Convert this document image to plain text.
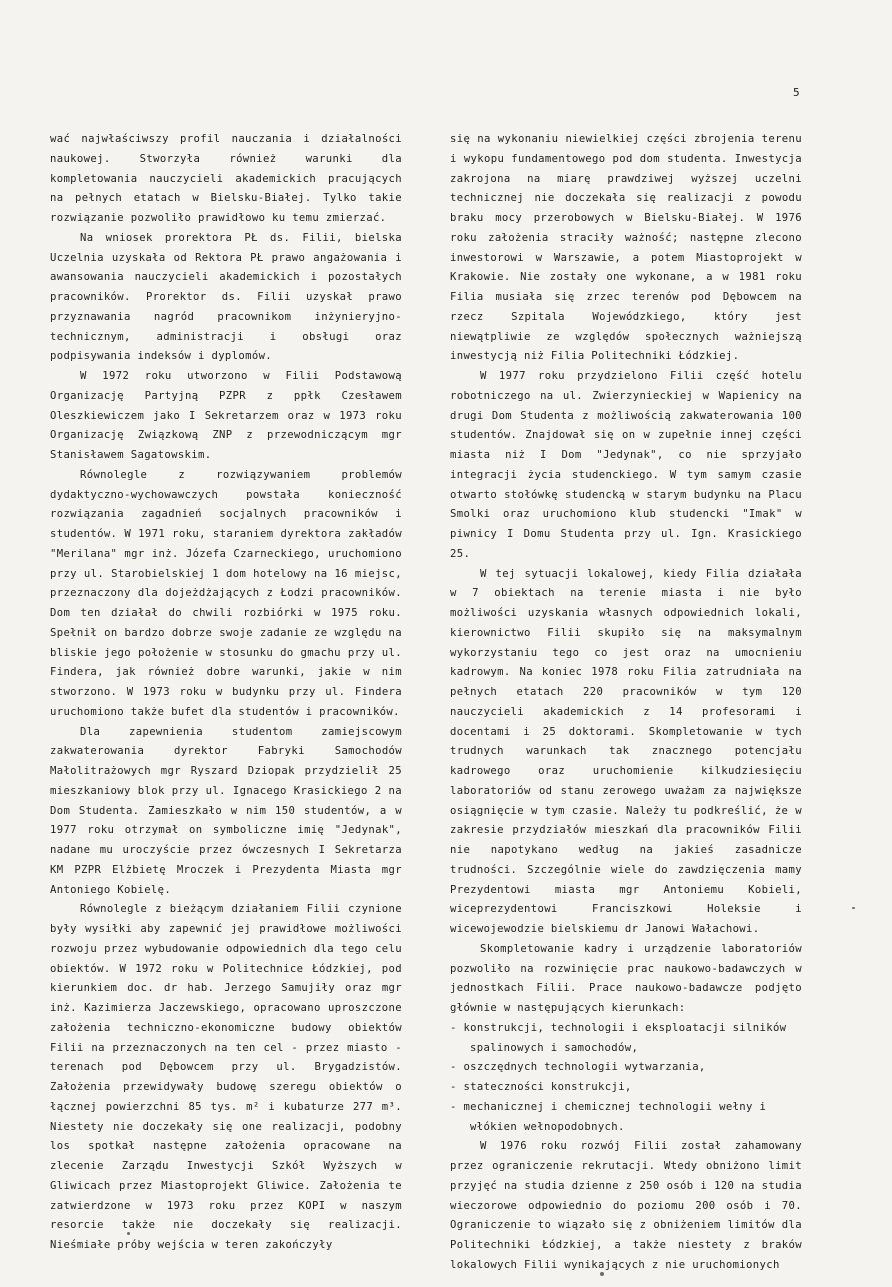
5

wać najwłaściwszy profil nauczania i działalności naukowej. Stworzyła również warunki dla kompletowania nauczycieli akademickich pracujących na pełnych etatach w Bielsku-Białej. Tylko takie rozwiązanie pozwoliło prawidłowo ku temu zmierzać.

Na wniosek prorektora PŁ ds. Filii, bielska Uczelnia uzyskała od Rektora PŁ prawo angażowania i awansowania nauczycieli akademickich i pozostałych pracowników. Prorektor ds. Filii uzyskał prawo przyznawania nagród pracownikom inżynieryjno-technicznym, administracji i obsługi oraz podpisywania indeksów i dyplomów.

W 1972 roku utworzono w Filii Podstawową Organizację Partyjną PZPR z ppłk Czesławem Oleszkiewiczem jako I Sekretarzem oraz w 1973 roku Organizację Związkową ZNP z przewodniczącym mgr Stanisławem Sagatowskim.

Równolegle z rozwiązywaniem problemów dydaktyczno-wychowawczych powstała konieczność rozwiązania zagadnień socjalnych pracowników i studentów. W 1971 roku, staraniem dyrektora zakładów "Merilana" mgr inż. Józefa Czarneckiego, uruchomiono przy ul. Starobielskiej 1 dom hotelowy na 16 miejsc, przeznaczony dla dojeżdżających z Łodzi pracowników. Dom ten działał do chwili rozbiórki w 1975 roku. Spełnił on bardzo dobrze swoje zadanie ze względu na bliskie jego położenie w stosunku do gmachu przy ul. Findera, jak również dobre warunki, jakie w nim stworzono. W 1973 roku w budynku przy ul. Findera uruchomiono także bufet dla studentów i pracowników.

Dla zapewnienia studentom zamiejscowym zakwaterowania dyrektor Fabryki Samochodów Małolitrażowych mgr Ryszard Dziopak przydzielił 25 mieszkaniowy blok przy ul. Ignacego Krasickiego 2 na Dom Studenta. Zamieszkało w nim 150 studentów, a w 1977 roku otrzymał on symboliczne imię "Jedynak", nadane mu uroczyście przez ówczesnych I Sekretarza KM PZPR Elżbietę Mroczek i Prezydenta Miasta mgr Antoniego Kobielę.

Równolegle z bieżącym działaniem Filii czynione były wysiłki aby zapewnić jej prawidłowe możliwości rozwoju przez wybudowanie odpowiednich dla tego celu obiektów. W 1972 roku w Politechnice Łódzkiej, pod kierunkiem doc. dr hab. Jerzego Samujiły oraz mgr inż. Kazimierza Jaczewskiego, opracowano uproszczone założenia techniczno-ekonomiczne budowy obiektów Filii na przeznaczonych na ten cel - przez miasto - terenach pod Dębowcem przy ul. Brygadzistów. Założenia przewidywały budowę szeregu obiektów o łącznej powierzchni 85 tys. m² i kubaturze 277 m³. Niestety nie doczekały się one realizacji, podobny los spotkał następne założenia opracowane na zlecenie Zarządu Inwestycji Szkół Wyższych w Gliwicach przez Miastoprojekt Gliwice. Założenia te zatwierdzone w 1973 roku przez KOPI w naszym resorcie także nie doczekały się realizacji. Nieśmiałe próby wejścia w teren zakończyły

się na wykonaniu niewielkiej części zbrojenia terenu i wykopu fundamentowego pod dom studenta. Inwestycja zakrojona na miarę prawdziwej wyższej uczelni technicznej nie doczekała się realizacji z powodu braku mocy przerobowych w Bielsku-Białej. W 1976 roku założenia straciły ważność; następne zlecono inwestorowi w Warszawie, a potem Miastoprojekt w Krakowie. Nie zostały one wykonane, a w 1981 roku Filia musiała się zrzec terenów pod Dębowcem na rzecz Szpitala Wojewódzkiego, który jest niewątpliwie ze względów społecznych ważniejszą inwestycją niż Filia Politechniki Łódzkiej.

W 1977 roku przydzielono Filii część hotelu robotniczego na ul. Zwierzynieckiej w Wapienicy na drugi Dom Studenta z możliwością zakwaterowania 100 studentów. Znajdował się on w zupełnie innej części miasta niż I Dom "Jedynak", co nie sprzyjało integracji życia studenckiego. W tym samym czasie otwarto stołówkę studencką w starym budynku na Placu Smolki oraz uruchomiono klub studencki "Imak" w piwnicy I Domu Studenta przy ul. Ign. Krasickiego 25.

W tej sytuacji lokalowej, kiedy Filia działała w 7 obiektach na terenie miasta i nie było możliwości uzyskania własnych odpowiednich lokali, kierownictwo Filii skupiło się na maksymalnym wykorzystaniu tego co jest oraz na umocnieniu kadrowym. Na koniec 1978 roku Filia zatrudniała na pełnych etatach 220 pracowników w tym 120 nauczycieli akademickich z 14 profesorami i docentami i 25 doktorami. Skompletowanie w tych trudnych warunkach tak znacznego potencjału kadrowego oraz uruchomienie kilkudziesięciu laboratoriów od stanu zerowego uważam za największe osiągnięcie w tym czasie. Należy tu podkreślić, że w zakresie przydziałów mieszkań dla pracowników Filii nie napotykano według na jakieś zasadnicze trudności. Szczególnie wiele do zawdzięczenia mamy Prezydentowi miasta mgr Antoniemu Kobieli, wiceprezydentowi Franciszkowi Holeksie i wicewojewodzie bielskiemu dr Janowi Wałachowi.

Skompletowanie kadry i urządzenie laboratoriów pozwoliło na rozwinięcie prac naukowo-badawczych w jednostkach Filii. Prace naukowo-badawcze podjęto głównie w następujących kierunkach:

- konstrukcji, technologii i eksploatacji silników spalinowych i samochodów,

- oszczędnych technologii wytwarzania,

- stateczności konstrukcji,

- mechanicznej i chemicznej technologii wełny i włókien wełnopodobnych.

W 1976 roku rozwój Filii został zahamowany przez ograniczenie rekrutacji. Wtedy obniżono limit przyjęć na studia dzienne z 250 osób i 120 na studia wieczorowe odpowiednio do poziomu 200 osób i 70. Ograniczenie to wiązało się z obniżeniem limitów dla Politechniki Łódzkiej, a także niestety z braków lokalowych Filii wynikających z nie uruchomionych
